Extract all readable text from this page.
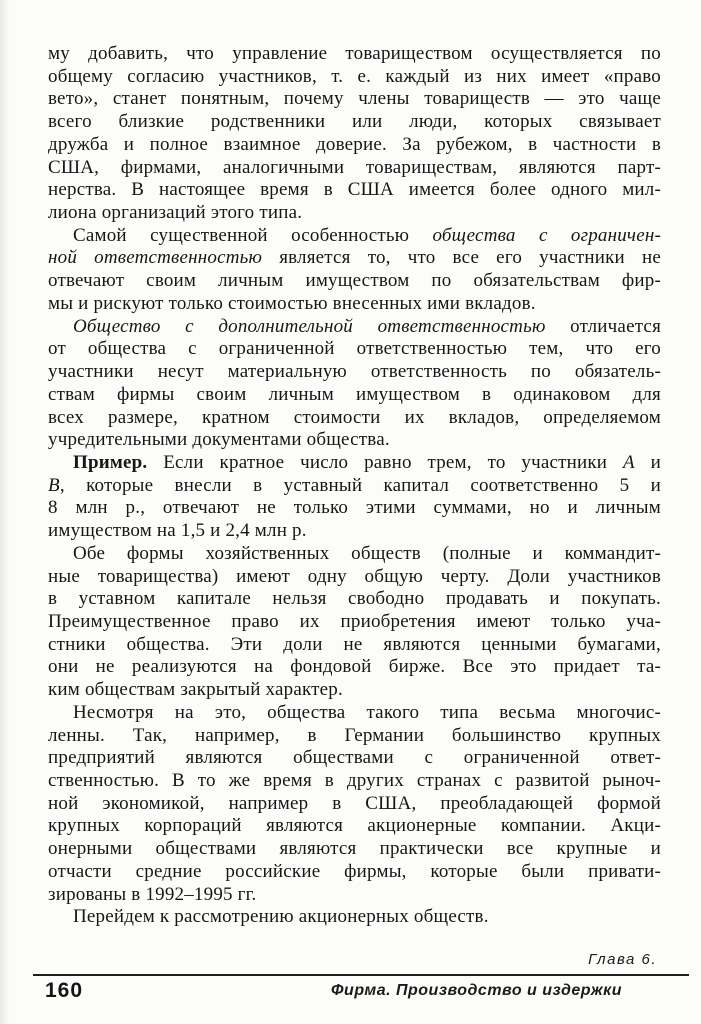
му добавить, что управление товариществом осуществляется по
общему согласию участников, т. е. каждый из них имеет «право
вето», станет понятным, почему члены товариществ — это чаще
всего близкие родственники или люди, которых связывает
дружба и полное взаимное доверие. За рубежом, в частности в
США, фирмами, аналогичными товариществам, являются парт-
нерства. В настоящее время в США имеется более одного мил-
лиона организаций этого типа.
Самой существенной особенностью общества с ограничен-
ной ответственностью является то, что все его участники не
отвечают своим личным имуществом по обязательствам фир-
мы и рискуют только стоимостью внесенных ими вкладов.
Общество с дополнительной ответственностью отличается
от общества с ограниченной ответственностью тем, что его
участники несут материальную ответственность по обязатель-
ствам фирмы своим личным имуществом в одинаковом для
всех размере, кратном стоимости их вкладов, определяемом
учредительными документами общества.
Пример. Если кратное число равно трем, то участники А и
В, которые внесли в уставный капитал соответственно 5 и
8 млн р., отвечают не только этими суммами, но и личным
имуществом на 1,5 и 2,4 млн р.
Обе формы хозяйственных обществ (полные и коммандит-
ные товарищества) имеют одну общую черту. Доли участников
в уставном капитале нельзя свободно продавать и покупать.
Преимущественное право их приобретения имеют только уча-
стники общества. Эти доли не являются ценными бумагами,
они не реализуются на фондовой бирже. Все это придает та-
ким обществам закрытый характер.
Несмотря на это, общества такого типа весьма многочис-
ленны. Так, например, в Германии большинство крупных
предприятий являются обществами с ограниченной ответ-
ственностью. В то же время в других странах с развитой рыноч-
ной экономикой, например в США, преобладающей формой
крупных корпораций являются акционерные компании. Акци-
онерными обществами являются практически все крупные и
отчасти средние российские фирмы, которые были привати-
зированы в 1992–1995 гг.
Перейдем к рассмотрению акционерных обществ.
Глава 6.
160	Фирма. Производство и издержки
